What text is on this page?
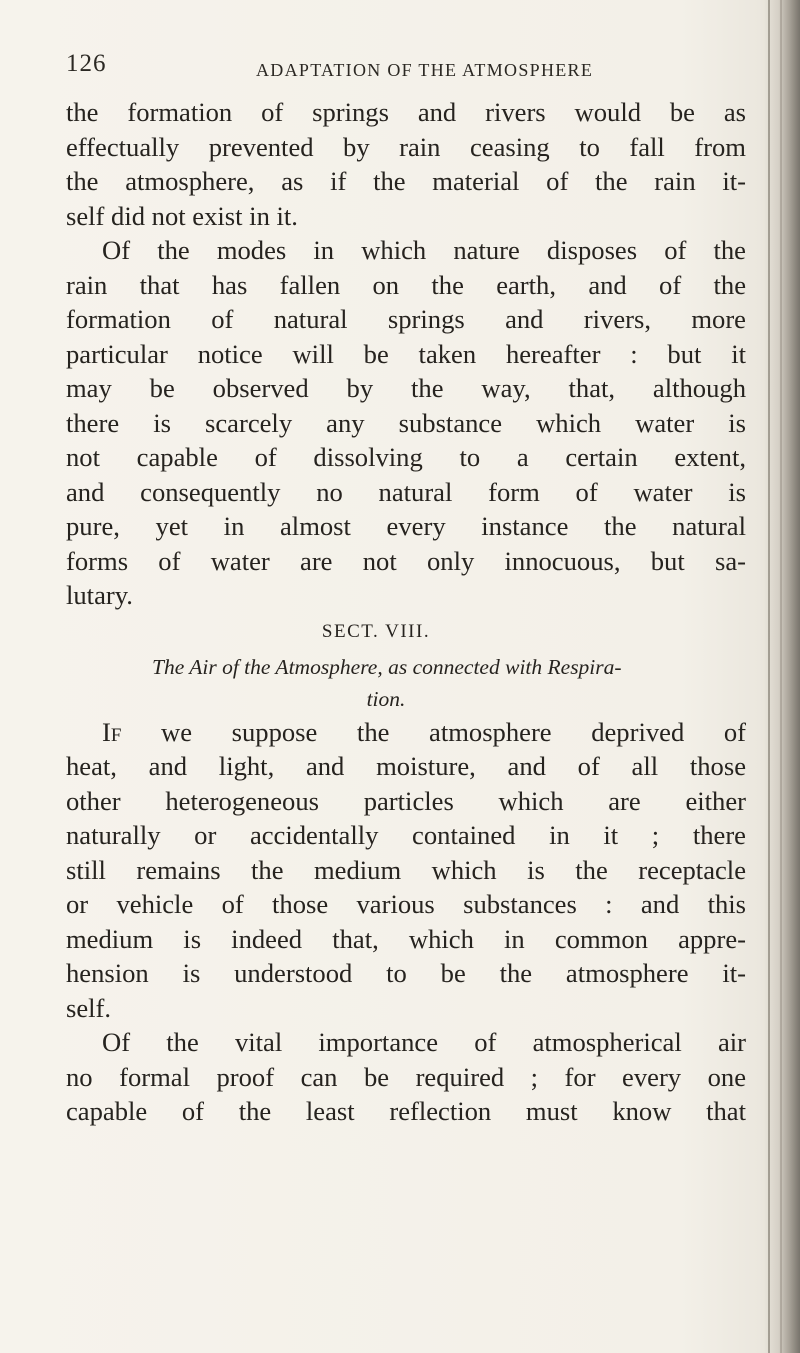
126	ADAPTATION OF THE ATMOSPHERE
the formation of springs and rivers would be as
effectually prevented by rain ceasing to fall from
the atmosphere, as if the material of the rain it-
self did not exist in it.
Of the modes in which nature disposes of the
rain that has fallen on the earth, and of the
formation of natural springs and rivers, more
particular notice will be taken hereafter : but it
may be observed by the way, that, although
there is scarcely any substance which water is
not capable of dissolving to a certain extent,
and consequently no natural form of water is
pure, yet in almost every instance the natural
forms of water are not only innocuous, but sa-
lutary.
SECT. VIII.
The Air of the Atmosphere, as connected with Respira-
tion.
If we suppose the atmosphere deprived of
heat, and light, and moisture, and of all those
other heterogeneous particles which are either
naturally or accidentally contained in it ; there
still remains the medium which is the receptacle
or vehicle of those various substances : and this
medium is indeed that, which in common appre-
hension is understood to be the atmosphere it-
self.
Of the vital importance of atmospherical air
no formal proof can be required ; for every one
capable of the least reflection must know that
